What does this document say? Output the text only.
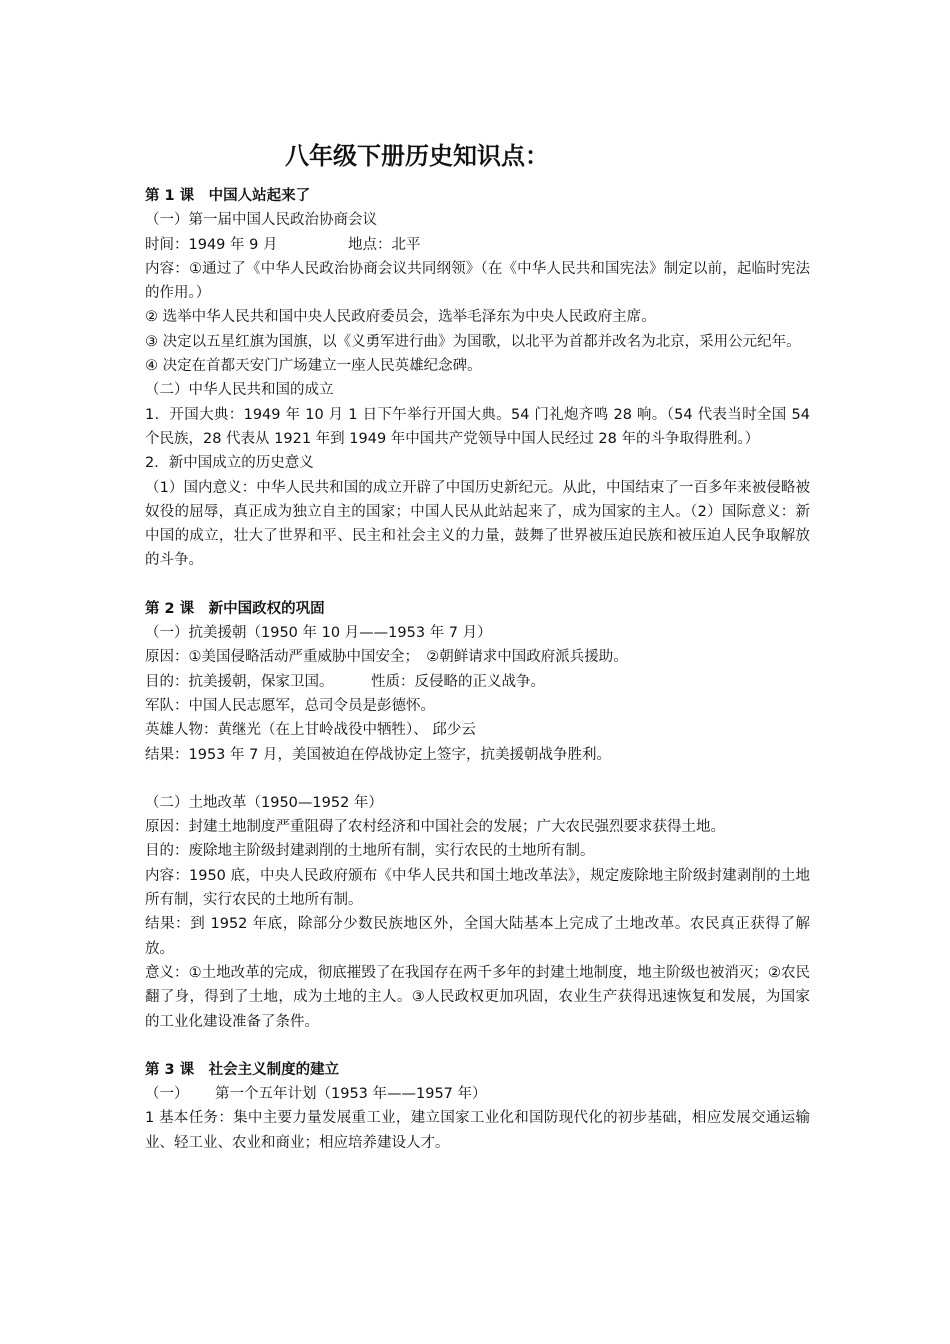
八年级下册历史知识点：

第 1 课　中国人站起来了

（一）第一届中国人民政治协商会议

时间：1949 年 9 月	地点：北平

内容：①通过了《中华人民政治协商会议共同纲领》（在《中华人民共和国宪法》制定以前，起临时宪法的作用。）

② 选举中华人民共和国中央人民政府委员会，选举毛泽东为中央人民政府主席。

③ 决定以五星红旗为国旗，以《义勇军进行曲》为国歌，以北平为首都并改名为北京，采用公元纪年。

④ 决定在首都天安门广场建立一座人民英雄纪念碑。

（二）中华人民共和国的成立

1．开国大典：1949 年 10 月 1 日下午举行开国大典。54 门礼炮齐鸣 28 响。（54 代表当时全国 54 个民族，28 代表从 1921 年到 1949 年中国共产党领导中国人民经过 28 年的斗争取得胜利。）

2．新中国成立的历史意义

（1）国内意义：中华人民共和国的成立开辟了中国历史新纪元。从此，中国结束了一百多年来被侵略被奴役的屈辱，真正成为独立自主的国家；中国人民从此站起来了，成为国家的主人。（2）国际意义：新中国的成立，壮大了世界和平、民主和社会主义的力量，鼓舞了世界被压迫民族和被压迫人民争取解放的斗争。

第 2 课　新中国政权的巩固

（一）抗美援朝（1950 年 10 月——1953 年 7 月）

原因：①美国侵略活动严重威胁中国安全；　②朝鲜请求中国政府派兵援助。

目的：抗美援朝，保家卫国。	性质：反侵略的正义战争。

军队：中国人民志愿军，总司令员是彭德怀。

英雄人物：黄继光（在上甘岭战役中牺牲）、 邱少云

结果：1953 年 7 月，美国被迫在停战协定上签字，抗美援朝战争胜利。

（二）土地改革（1950—1952 年）

原因：封建土地制度严重阻碍了农村经济和中国社会的发展；广大农民强烈要求获得土地。

目的：废除地主阶级封建剥削的土地所有制，实行农民的土地所有制。

内容：1950 底，中央人民政府颁布《中华人民共和国土地改革法》，规定废除地主阶级封建剥削的土地所有制，实行农民的土地所有制。

结果：到 1952 年底，除部分少数民族地区外，全国大陆基本上完成了土地改革。农民真正获得了解放。

意义：①土地改革的完成，彻底摧毁了在我国存在两千多年的封建土地制度，地主阶级也被消灭；②农民翻了身，得到了土地，成为土地的主人。③人民政权更加巩固，农业生产获得迅速恢复和发展，为国家的工业化建设准备了条件。

第 3 课　社会主义制度的建立

（一） 第一个五年计划（1953 年——1957 年）

1 基本任务：集中主要力量发展重工业，建立国家工业化和国防现代化的初步基础，相应发展交通运输业、轻工业、农业和商业；相应培养建设人才。
